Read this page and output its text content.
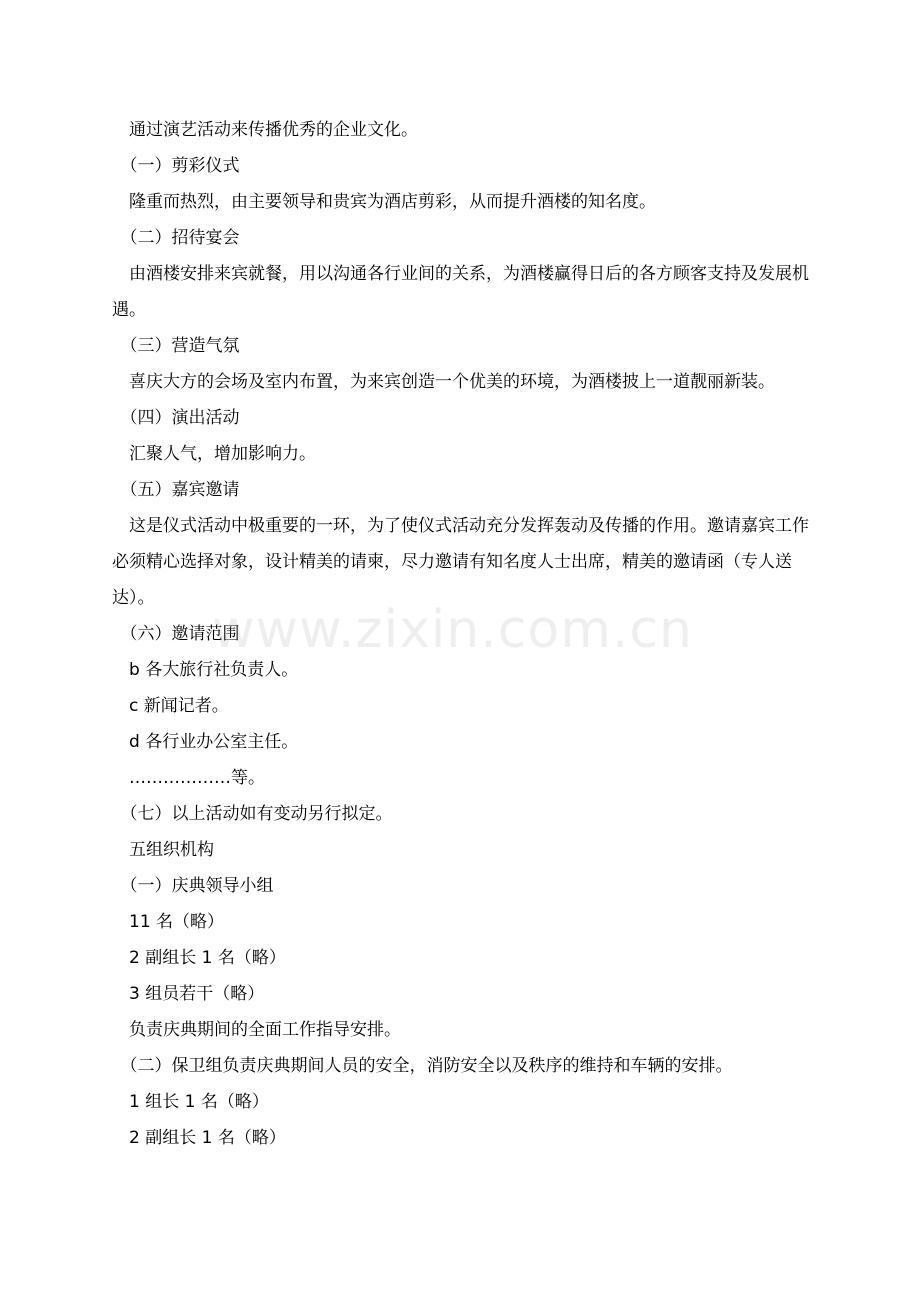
　通过演艺活动来传播优秀的企业文化。

　（一）剪彩仪式

　隆重而热烈，由主要领导和贵宾为酒店剪彩，从而提升酒楼的知名度。

　（二）招待宴会

　由酒楼安排来宾就餐，用以沟通各行业间的关系，为酒楼赢得日后的各方顾客支持及发展机遇。

　（三）营造气氛

　喜庆大方的会场及室内布置，为来宾创造一个优美的环境，为酒楼披上一道靓丽新装。

　（四）演出活动

　汇聚人气，增加影响力。

　（五）嘉宾邀请

　这是仪式活动中极重要的一环，为了使仪式活动充分发挥轰动及传播的作用。邀请嘉宾工作必须精心选择对象，设计精美的请柬，尽力邀请有知名度人士出席，精美的邀请函（专人送达）。

　（六）邀请范围

　b 各大旅行社负责人。

　c 新闻记者。

　d 各行业办公室主任。

　………………等。

　（七）以上活动如有变动另行拟定。

　五组织机构

　（一）庆典领导小组

　11 名（略）

　2 副组长 1 名（略）

　3 组员若干（略）

　负责庆典期间的全面工作指导安排。

　（二）保卫组负责庆典期间人员的安全，消防安全以及秩序的维持和车辆的安排。

　1 组长 1 名（略）

　2 副组长 1 名（略）

www.zixin.com.cn
